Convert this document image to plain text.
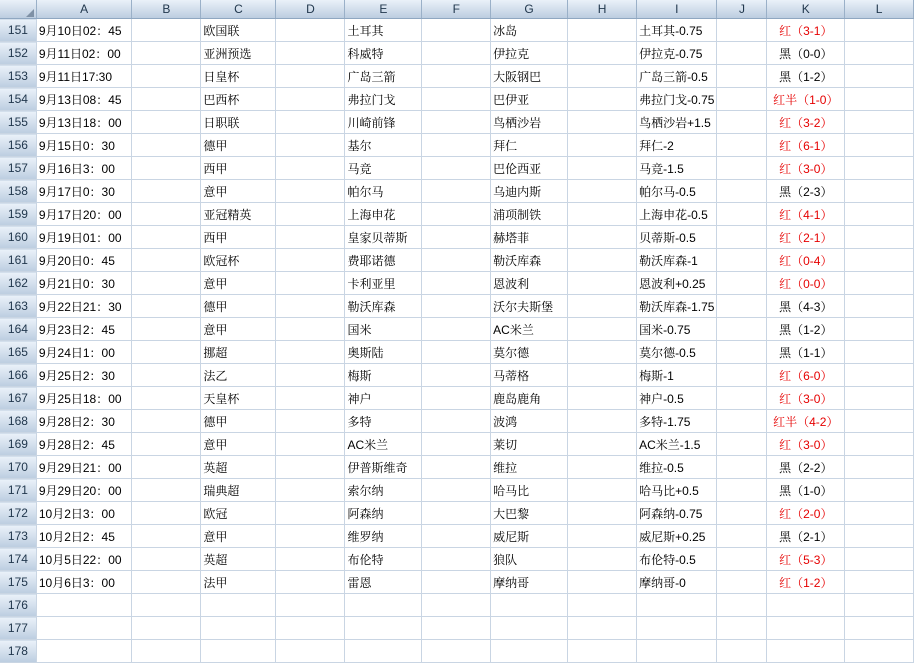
	A	B	C	D	E	F	G	H	I	J	K	L
151	9月10日02：45		欧国联		土耳其		冰岛		土耳其-0.75		红（3-1）	
152	9月11日02：00		亚洲预选		科威特		伊拉克		伊拉克-0.75		黑（0-0）	
153	9月11日17:30		日皇杯		广岛三箭		大阪钢巴		广岛三箭-0.5		黑（1-2）	
154	9月13日08：45		巴西杯		弗拉门戈		巴伊亚		弗拉门戈-0.75		红半（1-0）	
155	9月13日18：00		日职联		川崎前锋		鸟栖沙岩		鸟栖沙岩+1.5		红（3-2）	
156	9月15日0：30		德甲		基尔		拜仁		拜仁-2		红（6-1）	
157	9月16日3：00		西甲		马竞		巴伦西亚		马竞-1.5		红（3-0）	
158	9月17日0：30		意甲		帕尔马		乌迪内斯		帕尔马-0.5		黑（2-3）	
159	9月17日20：00		亚冠精英		上海申花		浦项制铁		上海申花-0.5		红（4-1）	
160	9月19日01：00		西甲		皇家贝蒂斯		赫塔菲		贝蒂斯-0.5		红（2-1）	
161	9月20日0：45		欧冠杯		费耶诺德		勒沃库森		勒沃库森-1		红（0-4）	
162	9月21日0：30		意甲		卡利亚里		恩波利		恩波利+0.25		红（0-0）	
163	9月22日21：30		德甲		勒沃库森		沃尔夫斯堡		勒沃库森-1.75		黑（4-3）	
164	9月23日2：45		意甲		国米		AC米兰		国米-0.75		黑（1-2）	
165	9月24日1：00		挪超		奥斯陆		莫尔德		莫尔德-0.5		黑（1-1）	
166	9月25日2：30		法乙		梅斯		马蒂格		梅斯-1		红（6-0）	
167	9月25日18：00		天皇杯		神户		鹿岛鹿角		神户-0.5		红（3-0）	
168	9月28日2：30		德甲		多特		波鸿		多特-1.75		红半（4-2）	
169	9月28日2：45		意甲		AC米兰		莱切		AC米兰-1.5		红（3-0）	
170	9月29日21：00		英超		伊普斯维奇		维拉		维拉-0.5		黑（2-2）	
171	9月29日20：00		瑞典超		索尔纳		哈马比		哈马比+0.5		黑（1-0）	
172	10月2日3：00		欧冠		阿森纳		大巴黎		阿森纳-0.75		红（2-0）	
173	10月2日2：45		意甲		维罗纳		威尼斯		威尼斯+0.25		黑（2-1）	
174	10月5日22：00		英超		布伦特		狼队		布伦特-0.5		红（5-3）	
175	10月6日3：00		法甲		雷恩		摩纳哥		摩纳哥-0		红（1-2）	
176												
177												
178												
